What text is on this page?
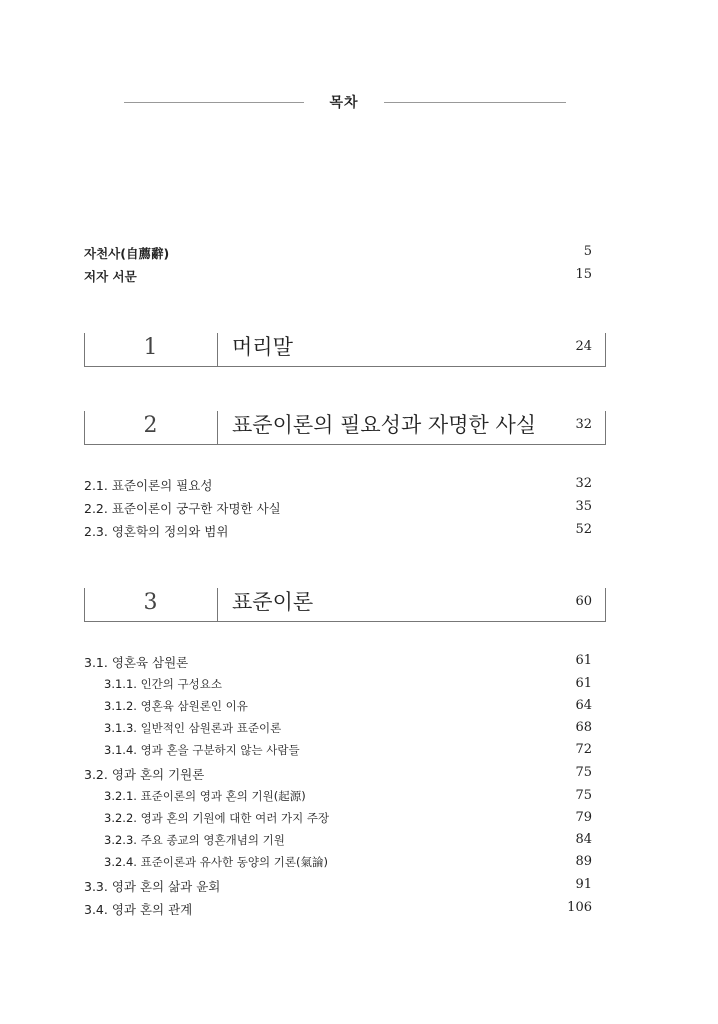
목차
자천사(自薦辭)	5
저자 서문	15
1	머리말	24
2	표준이론의 필요성과 자명한 사실	32
2.1. 표준이론의 필요성	32
2.2. 표준이론이 궁구한 자명한 사실	35
2.3. 영혼학의 정의와 범위	52
3	표준이론	60
3.1. 영혼육 삼원론	61
3.1.1. 인간의 구성요소	61
3.1.2. 영혼육 삼원론인 이유	64
3.1.3. 일반적인 삼원론과 표준이론	68
3.1.4. 영과 혼을 구분하지 않는 사람들	72
3.2. 영과 혼의 기원론	75
3.2.1. 표준이론의 영과 혼의 기원(起源)	75
3.2.2. 영과 혼의 기원에 대한 여러 가지 주장	79
3.2.3. 주요 종교의 영혼개념의 기원	84
3.2.4. 표준이론과 유사한 동양의 기론(氣論)	89
3.3. 영과 혼의 삶과 윤회	91
3.4. 영과 혼의 관계	106
